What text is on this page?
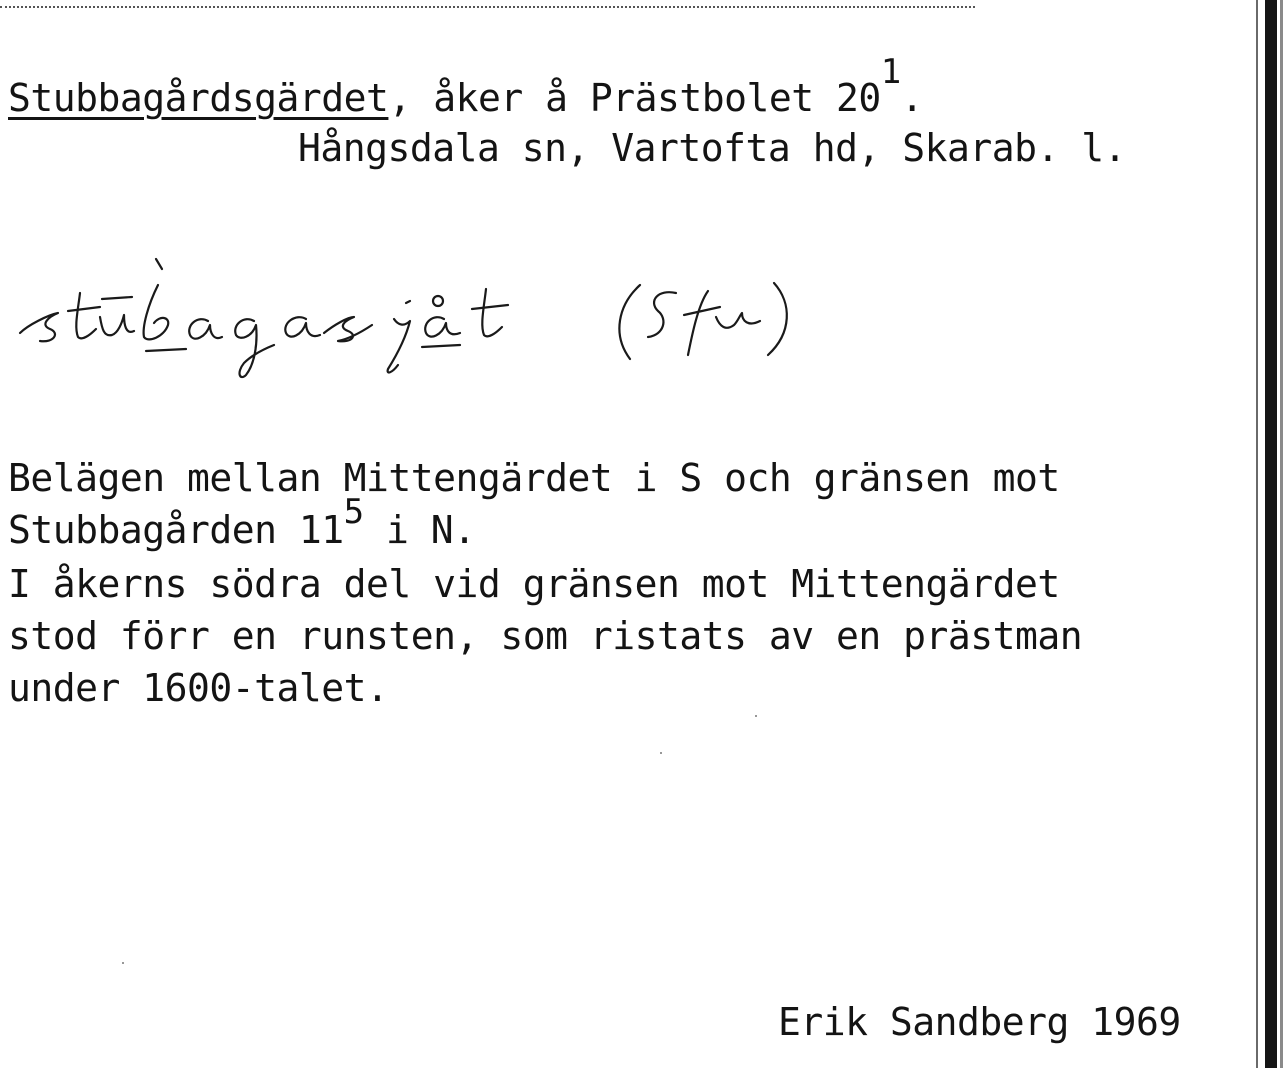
Stubbagårdsgärdet, åker å Prästbolet 201.
Hångsdala sn, Vartofta hd, Skarab. l.
Belägen mellan Mittengärdet i S och gränsen mot
Stubbagården 115 i N.
I åkerns södra del vid gränsen mot Mittengärdet
stod förr en runsten, som ristats av en prästman
under 1600-talet.
Erik Sandberg 1969
